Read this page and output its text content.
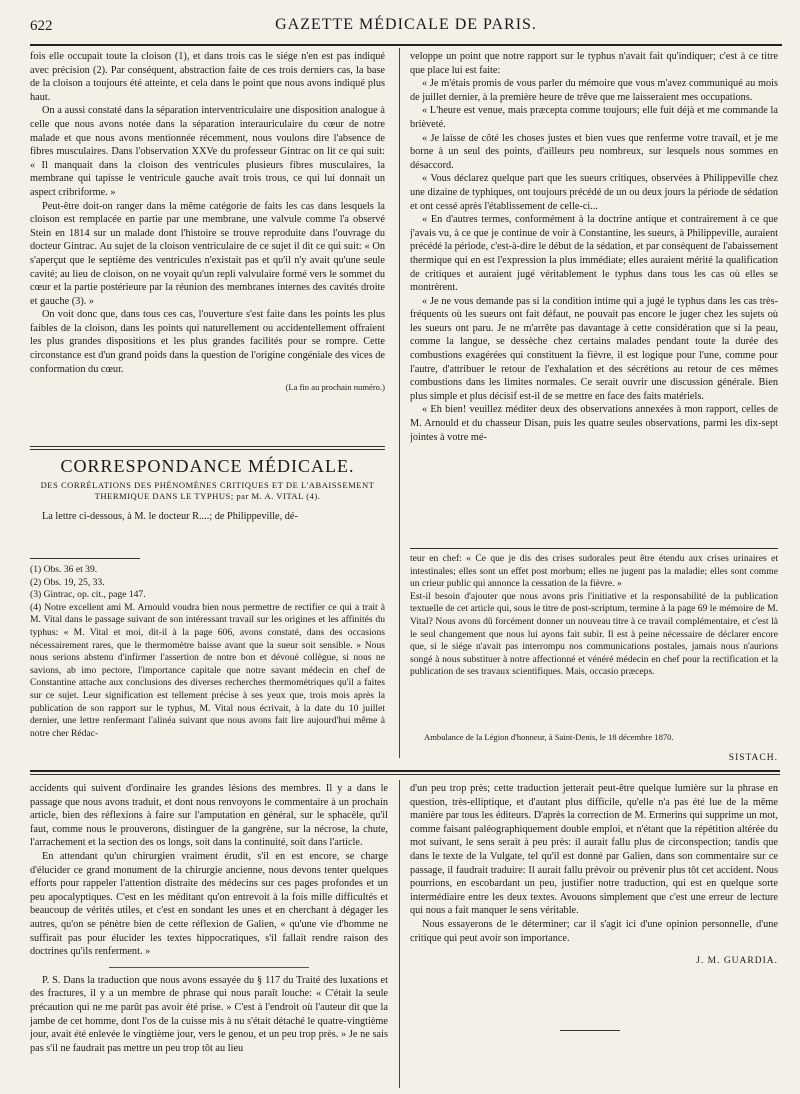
622	GAZETTE MÉDICALE DE PARIS.

fois elle occupait toute la cloison (1), et dans trois cas le siége n'en est pas indiqué avec précision (2). Par conséquent, abstraction faite de ces trois derniers cas, la base de la cloison a toujours été atteinte, et cela dans le point que nous avons indiqué plus haut.

On a aussi constaté dans la séparation interventriculaire une disposition analogue à celle que nous avons notée dans la séparation interauriculaire du cœur de notre malade et que nous avons mentionnée récemment, nous voulons dire l'absence de fibres musculaires. Dans l'observation XXVe du professeur Gintrac on lit ce qui suit: « Il manquait dans la cloison des ventricules plusieurs fibres musculaires, la membrane qui tapisse le ventricule gauche avait trois trous, ce qui lui donnait un aspect cribriforme. »

Peut-être doit-on ranger dans la même catégorie de faits les cas dans lesquels la cloison est remplacée en partie par une membrane, une valvule comme l'a observé Stein en 1814 sur un malade dont l'histoire se trouve reproduite dans l'ouvrage du docteur Gintrac. Au sujet de la cloison ventriculaire de ce sujet il dit ce qui suit: « On s'aperçut que le septième des ventricules n'existait pas et qu'il n'y avait qu'une seule cavité; au lieu de cloison, on ne voyait qu'un repli valvulaire formé vers le sommet du cœur et la partie postérieure par la réunion des membranes internes des cavités droite et gauche (3). »

On voit donc que, dans tous ces cas, l'ouverture s'est faite dans les points les plus faibles de la cloison, dans les points qui naturellement ou accidentellement offraient les plus grandes dispositions et les plus grandes facilités pour se rompre. Cette circonstance est d'un grand poids dans la question de l'origine congéniale des vices de conformation du cœur.

(La fin au prochain numéro.)
CORRESPONDANCE MÉDICALE.
DES CORRÉLATIONS DES PHÉNOMÈNES CRITIQUES ET DE L'ABAISSEMENT THERMIQUE DANS LE TYPHUS; par M. A. VITAL (4).

La lettre ci-dessous, à M. le docteur R....; de Philippeville, dé-

(1) Obs. 36 et 39.

(2) Obs. 19, 25, 33.

(3) Gintrac, op. cit., page 147.

(4) Notre excellent ami M. Arnould voudra bien nous permettre de rectifier ce qui a trait à M. Vital dans le passage suivant de son intéressant travail sur les origines et les affinités du typhus: « M. Vital et moi, dit-il à la page 606, avons constaté, dans des occasions nécessairement rares, que le thermomètre baisse avant que la sueur soit sensible. » Nous nous serions abstenu d'infirmer l'assertion de notre bon et dévoué collègue, si nous ne savions, ab imo pectore, l'importance capitale que notre savant médecin en chef de Constantine attache aux conclusions des diverses recherches thermométriques qu'il a faites sur ce sujet. Leur signification est tellement précise à ses yeux que, trois mois après la publication de son rapport sur le typhus, M. Vital nous écrivait, à la date du 10 juillet dernier, une lettre renfermant l'alinéa suivant que nous avons fait lire aujourd'hui même à notre cher Rédac-

veloppe un point que notre rapport sur le typhus n'avait fait qu'indiquer; c'est à ce titre que place lui est faite:

« Je m'étais promis de vous parler du mémoire que vous m'avez communiqué au mois de juillet dernier, à la première heure de trêve que me laisseraient mes occupations.

« L'heure est venue, mais præcepta comme toujours; elle fuit déjà et me commande la brièveté.

« Je laisse de côté les choses justes et bien vues que renferme votre travail, et je me borne à un seul des points, d'ailleurs peu nombreux, sur lesquels nous sommes en désaccord.

« Vous déclarez quelque part que les sueurs critiques, observées à Philippeville chez une dizaine de typhiques, ont toujours précédé de un ou deux jours la période de sédation et ont cessé après l'établissement de celle-ci...

« En d'autres termes, conformément à la doctrine antique et contrairement à ce que j'avais vu, à ce que je continue de voir à Constantine, les sueurs, à Philippeville, auraient précédé la période, c'est-à-dire le début de la sédation, et par conséquent de l'abaissement thermique qui en est l'expression la plus immédiate; elles auraient mérité la qualification de critiques et auraient jugé véritablement le typhus dans tous les cas où elles se montrèrent.

« Je ne vous demande pas si la condition intime qui a jugé le typhus dans les cas très-fréquents où les sueurs ont fait défaut, ne pouvait pas encore le juger chez les sujets où les sueurs ont paru. Je ne m'arrête pas davantage à cette considération que si la peau, comme la langue, se dessèche chez certains malades pendant toute la durée des combustions exagérées qui constituent la fièvre, il est logique pour l'une, comme pour l'autre, d'attribuer le retour de l'exhalation et des sécrétions au retour de ces mêmes combustions dans les limites normales. Ce serait ouvrir une discussion générale. Bien plus simple et plus décisif est-il de se mettre en face des faits matériels.

« Eh bien! veuillez méditer deux des observations annexées à mon rapport, celles de M. Arnould et du chasseur Disan, puis les quatre seules observations, parmi les dix-sept jointes à votre mé-

teur en chef: « Ce que je dis des crises sudorales peut être étendu aux crises urinaires et intestinales; elles sont un effet post morbum; elles ne jugent pas la maladie; elles sont comme un crieur public qui annonce la cessation de la fièvre. »

Est-il besoin d'ajouter que nous avons pris l'initiative et la responsabilité de la publication textuelle de cet article qui, sous le titre de post-scriptum, termine à la page 69 le mémoire de M. Vital? Nous avons dû forcément donner un nouveau titre à ce travail complémentaire, et c'est là le seul changement que nous lui ayons fait subir. Il est à peine nécessaire de déclarer encore que, si le siége n'avait pas interrompu nos communications postales, jamais nous n'aurions songé à nous substituer à notre affectionné et vénéré médecin en chef pour la rectification et la publication de ses travaux scientifiques. Mais, occasio præceps.

Ambulance de la Légion d'honneur, à Saint-Denis, le 18 décembre 1870.
SISTACH.

accidents qui suivent d'ordinaire les grandes lésions des membres. Il y a dans le passage que nous avons traduit, et dont nous renvoyons le commentaire à un prochain article, bien des réflexions à faire sur l'amputation en général, sur le sphacèle, qu'il faut, comme nous le prouverons, distinguer de la gangrène, sur la nécrose, la chute, l'arrachement et la section des os longs, soit dans la continuité, soit dans l'article.

En attendant qu'un chirurgien vraiment érudit, s'il en est encore, se charge d'élucider ce grand monument de la chirurgie ancienne, nous devons tenter quelques efforts pour rappeler l'attention distraite des médecins sur ces pages profondes et un peu apocalyptiques. C'est en les méditant qu'on entrevoit à la fois mille difficultés et beaucoup de vérités utiles, et c'est en sondant les unes et en cherchant à dégager les autres, qu'on se pénètre bien de cette réflexion de Galien, « qu'une vie d'homme ne suffirait pas pour élucider les textes hippocratiques, s'il fallait rendre raison des doctrines qu'ils renferment. »

P. S. Dans la traduction que nous avons essayée du § 117 du Traité des luxations et des fractures, il y a un membre de phrase qui nous paraît louche: « C'était la seule précaution qui ne me parût pas avoir été prise. » C'est à l'endroit où l'auteur dit que la jambe de cet homme, dont l'os de la cuisse mis à nu s'était détaché le quatre-vingtième jour, avait été enlevée le vingtième jour, vers le genou, et un peu trop près. » Je ne sais pas s'il ne faudrait pas mettre un peu trop tôt au lieu

d'un peu trop près; cette traduction jetterait peut-être quelque lumière sur la phrase en question, très-elliptique, et d'autant plus difficile, qu'elle n'a pas été lue de la même manière par tous les éditeurs. D'après la correction de M. Ermerins qui supprime un mot, comme faisant paléographiquement double emploi, et n'étant que la répétition altérée du mot suivant, le sens serait à peu près: il aurait fallu plus de circonspection; tandis que dans le texte de la Vulgate, tel qu'il est donné par Galien, dans son commentaire sur ce passage, il faudrait traduire: Il aurait fallu prévoir ou prévenir plus tôt cet accident. Nous pourrions, en escobardant un peu, justifier notre traduction, qui est en quelque sorte intermédiaire entre les deux textes. Avouons simplement que c'est une erreur de lecture qui nous a fait manquer le sens véritable.

Nous essayerons de le déterminer; car il s'agit ici d'une opinion personnelle, d'une critique qui peut avoir son importance.

J. M. GUARDIA.
